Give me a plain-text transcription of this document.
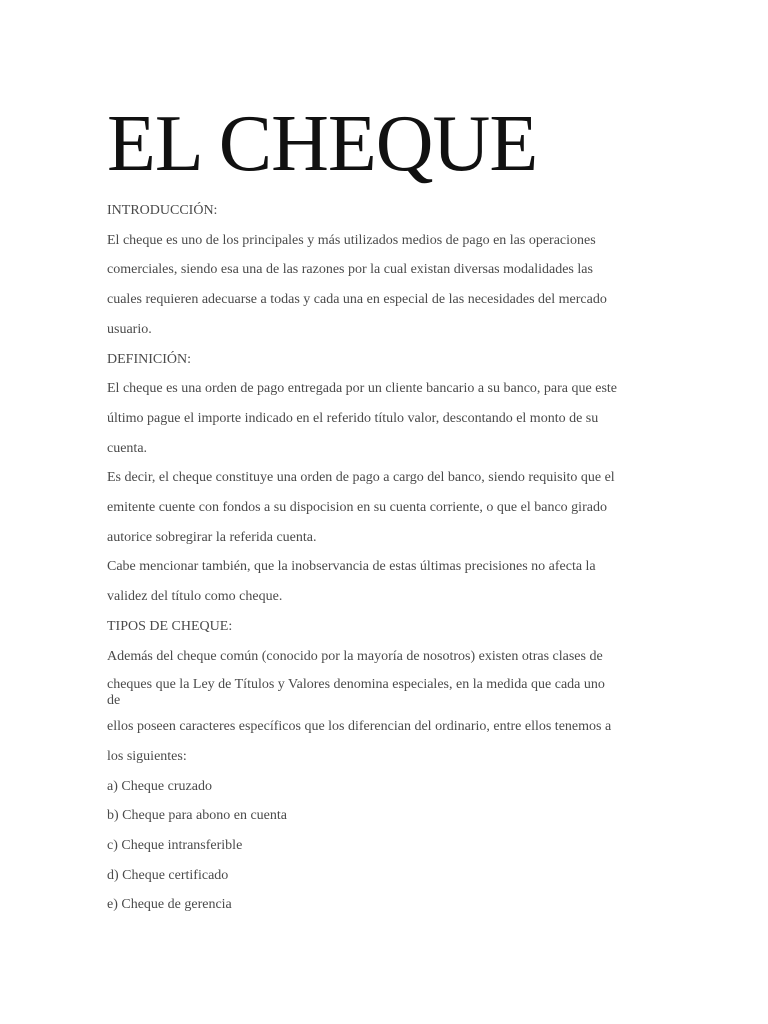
EL CHEQUE

INTRODUCCIÓN:

El cheque es uno de los principales y más utilizados medios de pago en las operaciones

comerciales, siendo esa una de las razones por la cual existan diversas modalidades las

cuales requieren adecuarse a todas y cada una en especial de las necesidades del mercado

usuario.

DEFINICIÓN:

El cheque es una orden de pago entregada por un cliente bancario a su banco, para que este

último pague el importe indicado en el referido título valor, descontando el monto de su

cuenta.

Es decir, el cheque constituye una orden de pago a cargo del banco, siendo requisito que el

emitente cuente con fondos a su dispocision en su cuenta corriente, o que el banco girado

autorice sobregirar la referida cuenta.

Cabe mencionar también, que la inobservancia de estas últimas precisiones no afecta la

validez del título como cheque.

TIPOS DE CHEQUE:

Además del cheque común (conocido por la mayoría de nosotros) existen otras clases de

cheques que la Ley de Títulos y Valores denomina especiales, en la medida que cada uno
de

ellos poseen caracteres específicos que los diferencian del ordinario, entre ellos tenemos a

los siguientes:

a) Cheque cruzado

b) Cheque para abono en cuenta

c) Cheque intransferible

d) Cheque certificado

e) Cheque de gerencia
